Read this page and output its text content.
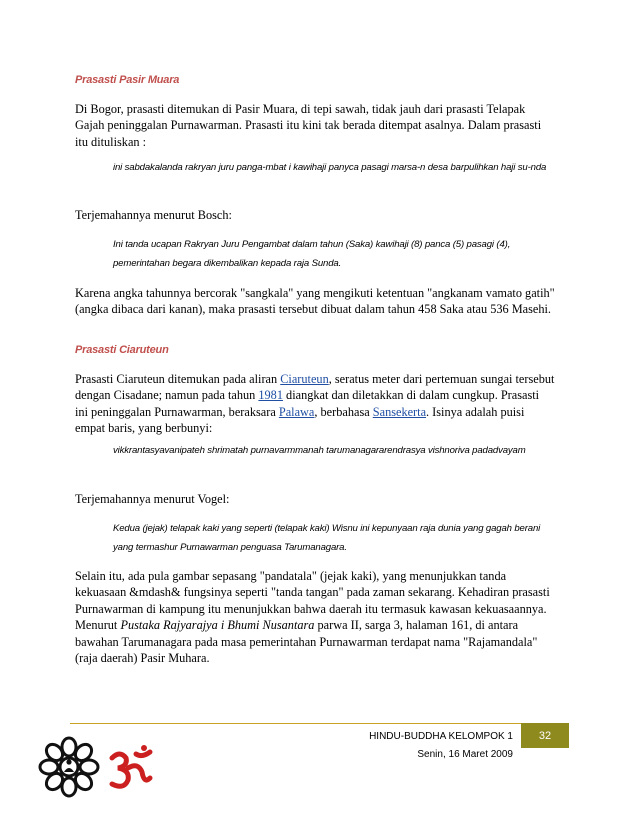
Prasasti Pasir Muara
Di Bogor, prasasti ditemukan di Pasir Muara, di tepi sawah, tidak jauh dari prasasti Telapak Gajah peninggalan Purnawarman. Prasasti itu kini tak berada ditempat asalnya. Dalam prasasti itu dituliskan :
ini sabdakalanda rakryan juru panga-mbat i kawihaji panyca pasagi marsa-n desa barpulihkan haji su-nda
Terjemahannya menurut Bosch:
Ini tanda ucapan Rakryan Juru Pengambat dalam tahun (Saka) kawihaji (8) panca (5) pasagi (4), pemerintahan begara dikembalikan kepada raja Sunda.
Karena angka tahunnya bercorak "sangkala" yang mengikuti ketentuan "angkanam vamato gatih" (angka dibaca dari kanan), maka prasasti tersebut dibuat dalam tahun 458 Saka atau 536 Masehi.
Prasasti Ciaruteun
Prasasti Ciaruteun ditemukan pada aliran Ciaruteun, seratus meter dari pertemuan sungai tersebut dengan Cisadane; namun pada tahun 1981 diangkat dan diletakkan di dalam cungkup. Prasasti ini peninggalan Purnawarman, beraksara Palawa, berbahasa Sansekerta. Isinya adalah puisi empat baris, yang berbunyi:
vikkrantasyavanipateh shrimatah purnavarmmanah tarumanagararendrasya vishnoriva padadvayam
Terjemahannya menurut Vogel:
Kedua (jejak) telapak kaki yang seperti (telapak kaki) Wisnu ini kepunyaan raja dunia yang gagah berani yang termashur Purnawarman penguasa Tarumanagara.
Selain itu, ada pula gambar sepasang "pandatala" (jejak kaki), yang menunjukkan tanda kekuasaan &mdash& fungsinya seperti "tanda tangan" pada zaman sekarang. Kehadiran prasasti Purnawarman di kampung itu menunjukkan bahwa daerah itu termasuk kawasan kekuasaannya. Menurut Pustaka Rajyarajya i Bhumi Nusantara parwa II, sarga 3, halaman 161, di antara bawahan Tarumanagara pada masa pemerintahan Purnawarman terdapat nama "Rajamandala" (raja daerah) Pasir Muhara.
HINDU-BUDDHA KELOMPOK 1
Senin, 16 Maret 2009
32
